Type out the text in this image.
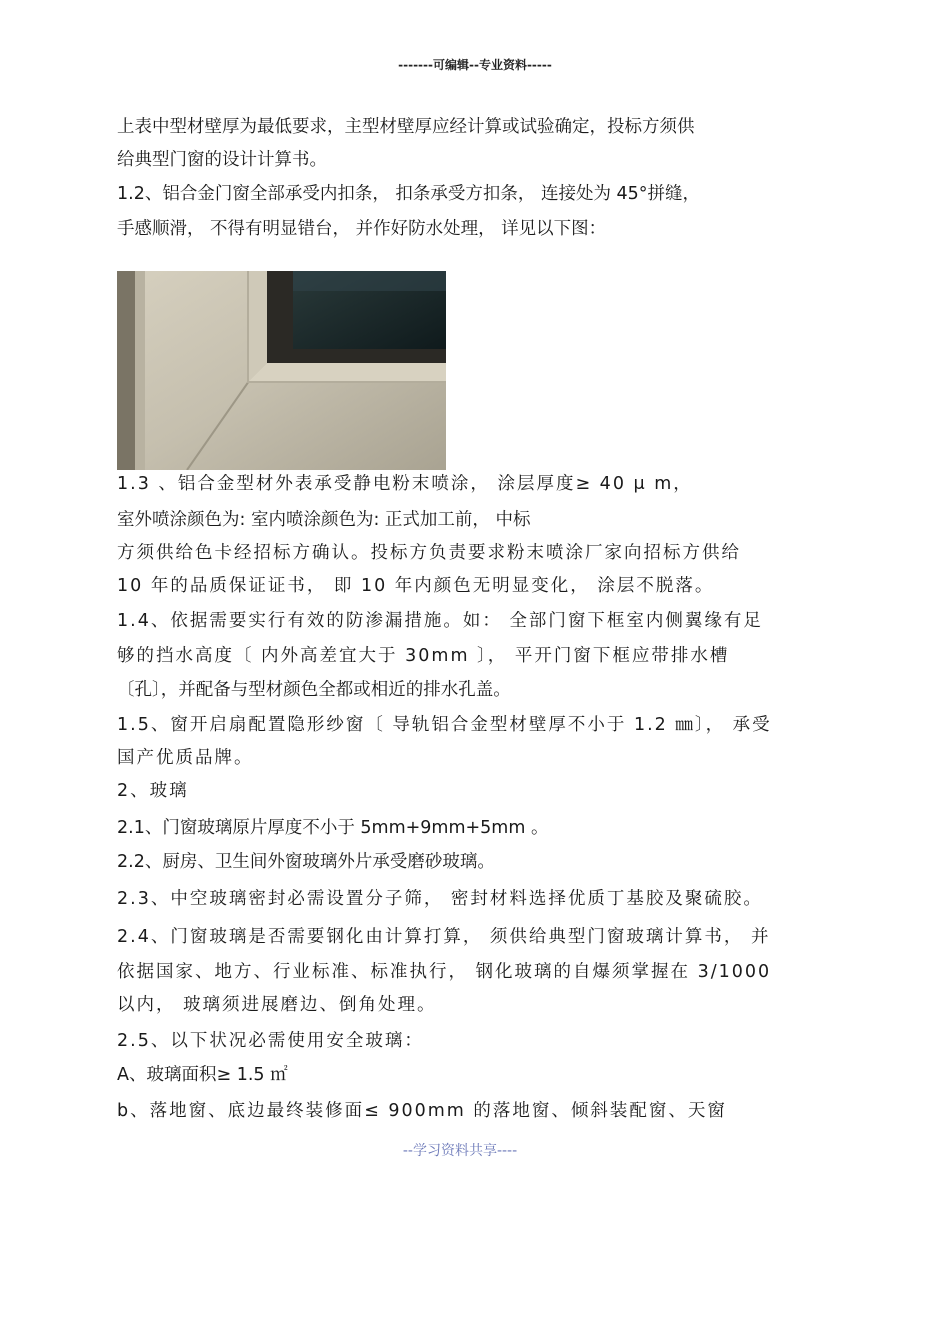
-------可编辑--专业资料-----
上表中型材壁厚为最低要求，主型材壁厚应经计算或试验确定，投标方须供
给典型门窗的设计计算书。
1.2、铝合金门窗全部承受内扣条， 扣条承受方扣条， 连接处为 45°拼缝，
手感顺滑， 不得有明显错台， 并作好防水处理， 详见以下图：
1.3 、铝合金型材外表承受静电粉末喷涂， 涂层厚度≥ 40 μ m，
室外喷涂颜色为: 室内喷涂颜色为: 正式加工前， 中标
方须供给色卡经招标方确认。投标方负责要求粉末喷涂厂家向招标方供给
10 年的品质保证证书， 即 10 年内颜色无明显变化， 涂层不脱落。
1.4、依据需要实行有效的防渗漏措施。如： 全部门窗下框室内侧翼缘有足
够的挡水高度〔 内外高差宜大于 30mm 〕， 平开门窗下框应带排水槽
〔孔〕，并配备与型材颜色全都或相近的排水孔盖。
1.5、窗开启扇配置隐形纱窗〔 导轨铝合金型材壁厚不小于 1.2 ㎜〕， 承受
国产优质品牌。
2、玻璃
2.1、门窗玻璃原片厚度不小于 5mm+9mm+5mm 。
2.2、厨房、卫生间外窗玻璃外片承受磨砂玻璃。
2.3、中空玻璃密封必需设置分子筛， 密封材料选择优质丁基胶及聚硫胶。
2.4、门窗玻璃是否需要钢化由计算打算， 须供给典型门窗玻璃计算书， 并
依据国家、地方、行业标准、标准执行， 钢化玻璃的自爆须掌握在 3/1000
以内， 玻璃须进展磨边、倒角处理。
2.5、以下状况必需使用安全玻璃：
A、玻璃面积≥ 1.5 ㎡
b、落地窗、底边最终装修面≤ 900mm 的落地窗、倾斜装配窗、天窗
--学习资料共享----
